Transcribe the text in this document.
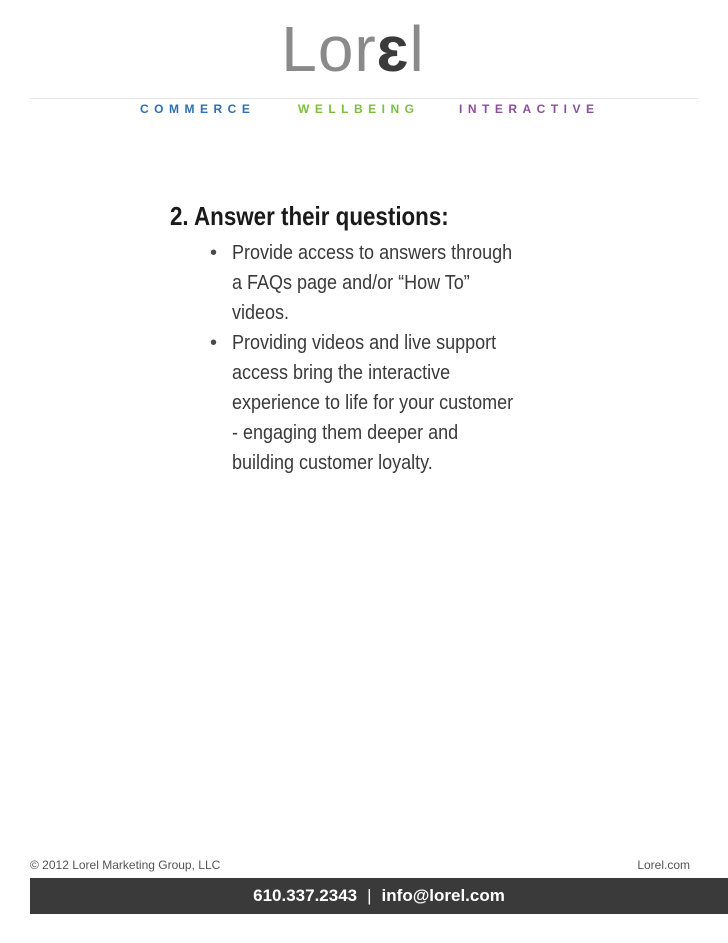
Lorɛl
COMMERCE	WELLBEING	INTERACTIVE
2. Answer their questions:
• Provide access to answers through a FAQs page and/or “How To” videos.
• Providing videos and live support access bring the interactive experience to life for your customer - engaging them deeper and building customer loyalty.
© 2012 Lorel Marketing Group, LLC	Lorel.com
610.337.2343 | info@lorel.com
